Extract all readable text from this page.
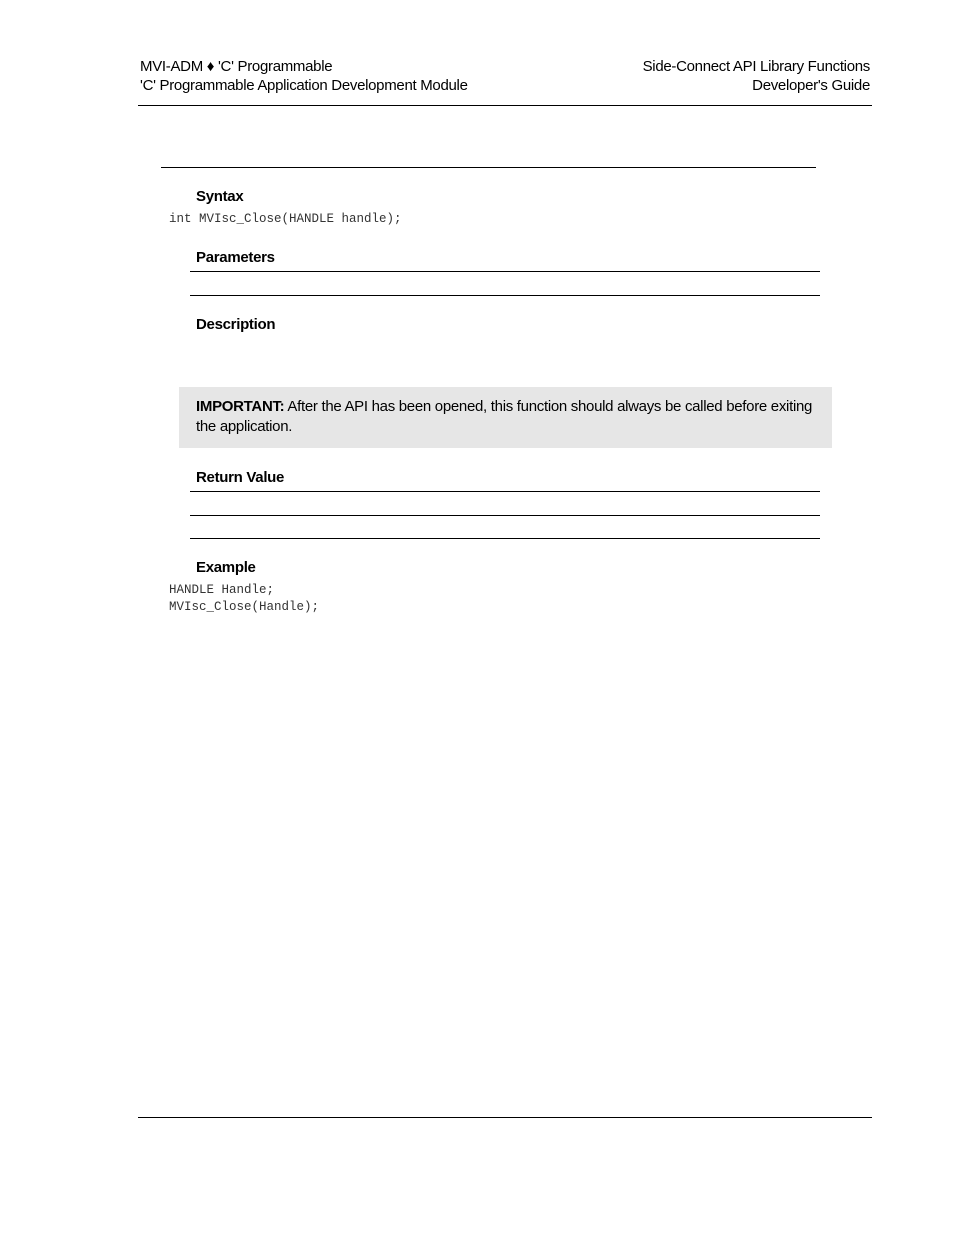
MVI-ADM ♦ 'C' Programmable
'C' Programmable Application Development Module
Side-Connect API Library Functions
Developer's Guide
Syntax
int MVIsc_Close(HANDLE handle);
Parameters
Description
IMPORTANT: After the API has been opened, this function should always be called before exiting the application.
Return Value
Example
HANDLE Handle;
MVIsc_Close(Handle);
